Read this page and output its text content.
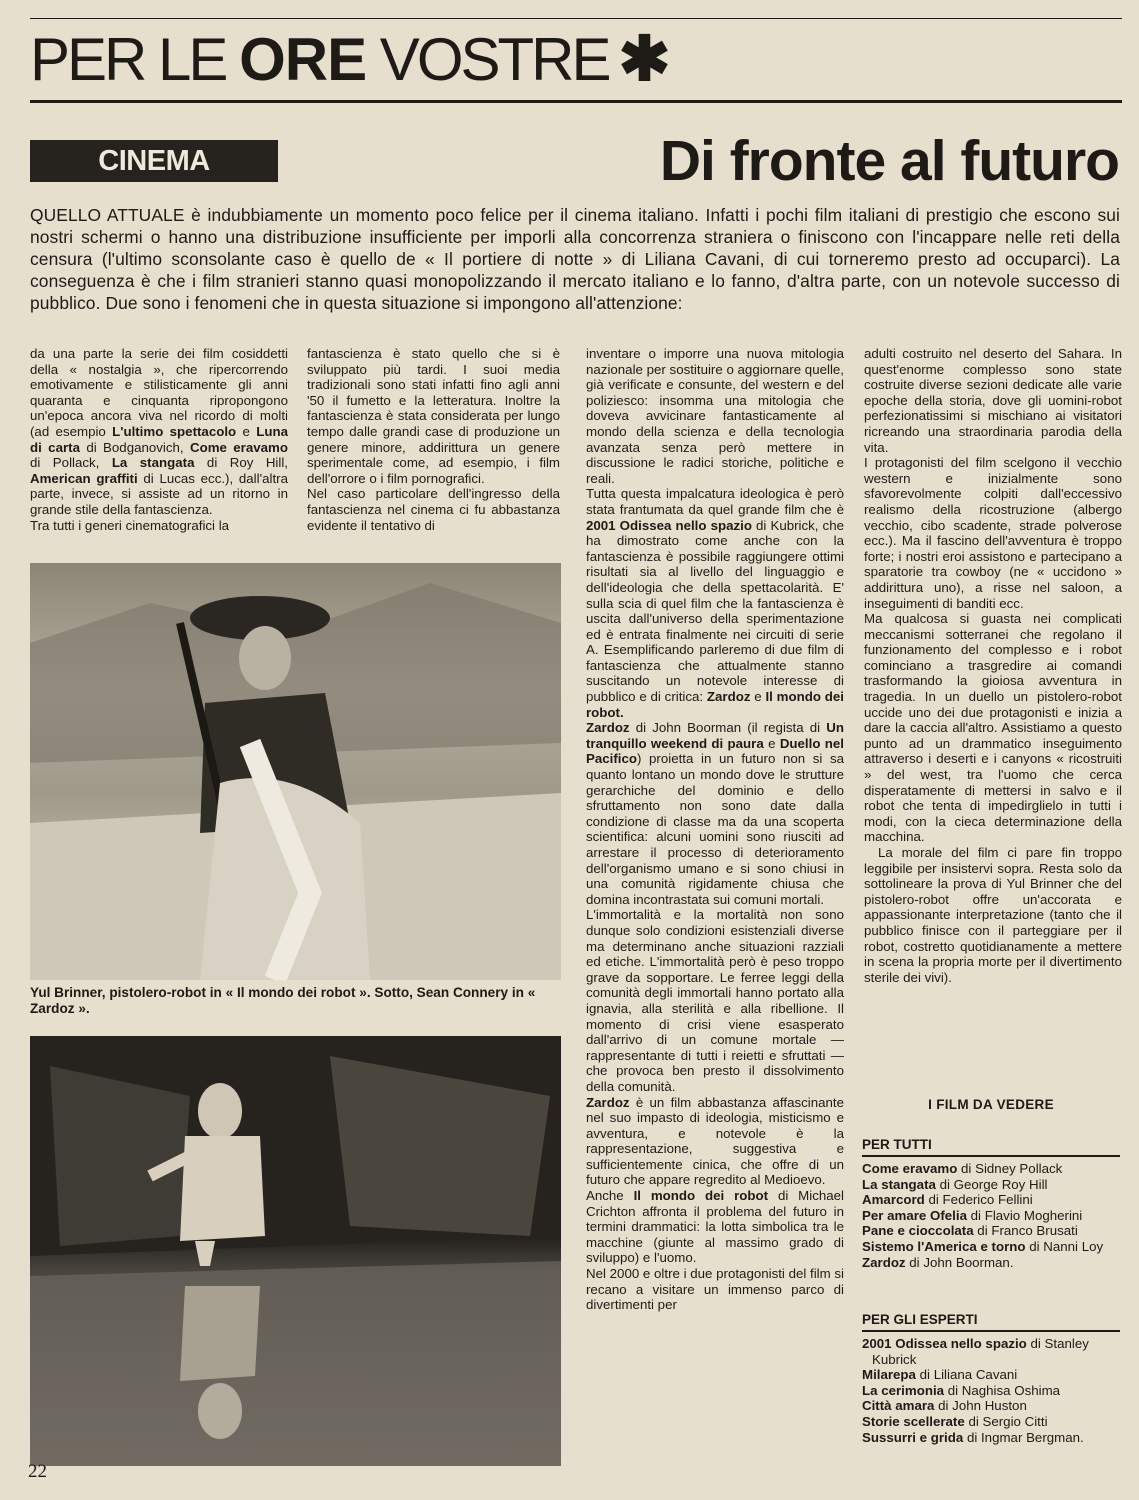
PER LE ORE VOSTRE ✱
CINEMA	Di fronte al futuro

QUELLO ATTUALE è indubbiamente un momento poco felice per il cinema italiano. Infatti i pochi film italiani di prestigio che escono sui nostri schermi o hanno una distribuzione insufficiente per imporli alla concorrenza straniera o finiscono con l'incappare nelle reti della censura (l'ultimo sconsolante caso è quello de « Il portiere di notte » di Liliana Cavani, di cui torneremo presto ad occuparci). La conseguenza è che i film stranieri stanno quasi monopolizzando il mercato italiano e lo fanno, d'altra parte, con un notevole successo di pubblico. Due sono i fenomeni che in questa situazione si impongono all'attenzione:

da una parte la serie dei film cosiddetti della « nostalgia », che ripercorrendo emotivamente e stilisticamente gli anni quaranta e cinquanta ripropongono un'epoca ancora viva nel ricordo di molti (ad esempio L'ultimo spettacolo e Luna di carta di Bodganovich, Come eravamo di Pollack, La stangata di Roy Hill, American graffiti di Lucas ecc.), dall'altra parte, invece, si assiste ad un ritorno in grande stile della fantascienza.

Tra tutti i generi cinematografici la

fantascienza è stato quello che si è sviluppato più tardi. I suoi media tradizionali sono stati infatti fino agli anni '50 il fumetto e la letteratura. Inoltre la fantascienza è stata considerata per lungo tempo dalle grandi case di produzione un genere minore, addirittura un genere sperimentale come, ad esempio, i film dell'orrore o i film pornografici.

Nel caso particolare dell'ingresso della fantascienza nel cinema ci fu abbastanza evidente il tentativo di

Yul Brinner, pistolero-robot in « Il mondo dei robot ». Sotto, Sean Connery in « Zardoz ».

inventare o imporre una nuova mitologia nazionale per sostituire o aggiornare quelle, già verificate e consunte, del western e del poliziesco: insomma una mitologia che doveva avvicinare fantasticamente al mondo della scienza e della tecnologia avanzata senza però mettere in discussione le radici storiche, politiche e reali.

Tutta questa impalcatura ideologica è però stata frantumata da quel grande film che è 2001 Odissea nello spazio di Kubrick, che ha dimostrato come anche con la fantascienza è possibile raggiungere ottimi risultati sia al livello del linguaggio e dell'ideologia che della spettacolarità. E' sulla scia di quel film che la fantascienza è uscita dall'universo della sperimentazione ed è entrata finalmente nei circuiti di serie A. Esemplificando parleremo di due film di fantascienza che attualmente stanno suscitando un notevole interesse di pubblico e di critica: Zardoz e Il mondo dei robot.

Zardoz di John Boorman (il regista di Un tranquillo weekend di paura e Duello nel Pacifico) proietta in un futuro non si sa quanto lontano un mondo dove le strutture gerarchiche del dominio e dello sfruttamento non sono date dalla condizione di classe ma da una scoperta scientifica: alcuni uomini sono riusciti ad arrestare il processo di deterioramento dell'organismo umano e si sono chiusi in una comunità rigidamente chiusa che domina incontrastata sui comuni mortali.

L'immortalità e la mortalità non sono dunque solo condizioni esistenziali diverse ma determinano anche situazioni razziali ed etiche. L'immortalità però è peso troppo grave da sopportare. Le ferree leggi della comunità degli immortali hanno portato alla ignavia, alla sterilità e alla ribellione. Il momento di crisi viene esasperato dall'arrivo di un comune mortale — rappresentante di tutti i reietti e sfruttati — che provoca ben presto il dissolvimento della comunità.

Zardoz è un film abbastanza affascinante nel suo impasto di ideologia, misticismo e avventura, e notevole è la rappresentazione, suggestiva e sufficientemente cinica, che offre di un futuro che appare regredito al Medioevo.

Anche Il mondo dei robot di Michael Crichton affronta il problema del futuro in termini drammatici: la lotta simbolica tra le macchine (giunte al massimo grado di sviluppo) e l'uomo.

Nel 2000 e oltre i due protagonisti del film si recano a visitare un immenso parco di divertimenti per

adulti costruito nel deserto del Sahara. In quest'enorme complesso sono state costruite diverse sezioni dedicate alle varie epoche della storia, dove gli uomini-robot perfezionatissimi si mischiano ai visitatori ricreando una straordinaria parodia della vita.

I protagonisti del film scelgono il vecchio western e inizialmente sono sfavorevolmente colpiti dall'eccessivo realismo della ricostruzione (albergo vecchio, cibo scadente, strade polverose ecc.). Ma il fascino dell'avventura è troppo forte; i nostri eroi assistono e partecipano a sparatorie tra cowboy (ne « uccidono » addirittura uno), a risse nel saloon, a inseguimenti di banditi ecc.

Ma qualcosa si guasta nei complicati meccanismi sotterranei che regolano il funzionamento del complesso e i robot cominciano a trasgredire ai comandi trasformando la gioiosa avventura in tragedia. In un duello un pistolero-robot uccide uno dei due protagonisti e inizia a dare la caccia all'altro. Assistiamo a questo punto ad un drammatico inseguimento attraverso i deserti e i canyons « ricostruiti » del west, tra l'uomo che cerca disperatamente di mettersi in salvo e il robot che tenta di impedirglielo in tutti i modi, con la cieca determinazione della macchina.

La morale del film ci pare fin troppo leggibile per insistervi sopra. Resta solo da sottolineare la prova di Yul Brinner che del pistolero-robot offre un'accorata e appassionante interpretazione (tanto che il pubblico finisce con il parteggiare per il robot, costretto quotidianamente a mettere in scena la propria morte per il divertimento sterile dei vivi).

I FILM DA VEDERE
PER TUTTI
Come eravamo di Sidney Pollack
La stangata di George Roy Hill
Amarcord di Federico Fellini
Per amare Ofelia di Flavio Mogherini
Pane e cioccolata di Franco Brusati
Sistemo l'America e torno di Nanni Loy
Zardoz di John Boorman.
PER GLI ESPERTI
2001 Odissea nello spazio di Stanley Kubrick
Milarepa di Liliana Cavani
La cerimonia di Naghisa Oshima
Città amara di John Huston
Storie scellerate di Sergio Citti
Sussurri e grida di Ingmar Bergman.
22
